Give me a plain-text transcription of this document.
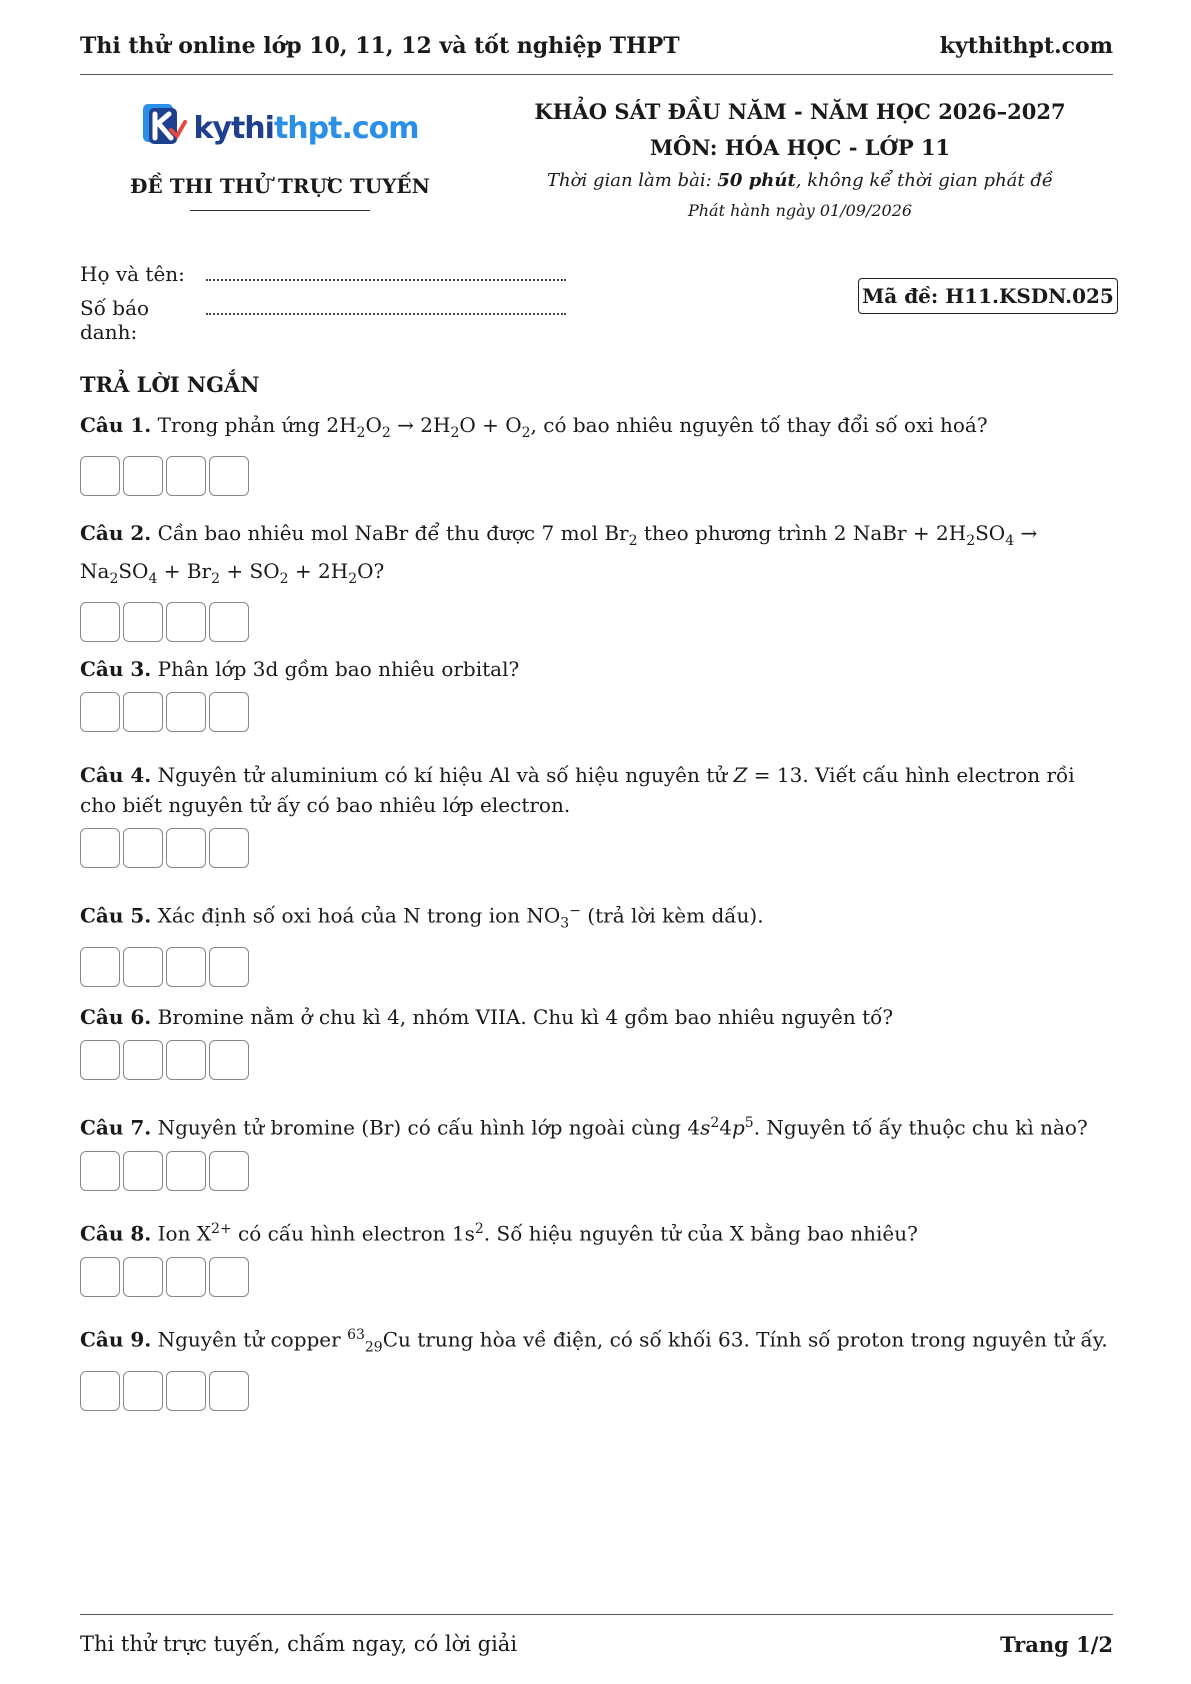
Thi thử online lớp 10, 11, 12 và tốt nghiệp THPT	kythithpt.com
kythi thpt.com
ĐỀ THI THỬ TRỰC TUYẾN
KHẢO SÁT ĐẦU NĂM - NĂM HỌC 2026–2027
MÔN: HÓA HỌC - LỚP 11
Thời gian làm bài: 50 phút, không kể thời gian phát đề
Phát hành ngày 01/09/2026
Họ và tên:
Số báo danh:
Mã đề: H11.KSDN.025
TRẢ LỜI NGẮN
Câu 1. Trong phản ứng $2H_2O_2 \to 2H_2O + O_2$, có bao nhiêu nguyên tố thay đổi số oxi hoá?
Câu 2. Cần bao nhiêu mol NaBr để thu được 7 mol $Br_2$ theo phương trình 2 NaBr + $2H_2SO_4 \to Na_2SO_4 + Br_2 + SO_2 + 2H_2O$?
Câu 3. Phân lớp 3d gồm bao nhiêu orbital?
Câu 4. Nguyên tử aluminium có kí hiệu Al và số hiệu nguyên tử Z = 13. Viết cấu hình electron rồi cho biết nguyên tử ấy có bao nhiêu lớp electron.
Câu 5. Xác định số oxi hoá của N trong ion $NO_3^-$ (trả lời kèm dấu).
Câu 6. Bromine nằm ở chu kì 4, nhóm VIIA. Chu kì 4 gồm bao nhiêu nguyên tố?
Câu 7. Nguyên tử bromine (Br) có cấu hình lớp ngoài cùng $4s^24p^5$. Nguyên tố ấy thuộc chu kì nào?
Câu 8. Ion $X^{2+}$ có cấu hình electron $1s^2$. Số hiệu nguyên tử của X bằng bao nhiêu?
Câu 9. Nguyên tử copper $^{63}_{29}$Cu trung hòa về điện, có số khối 63. Tính số proton trong nguyên tử ấy.
Thi thử trực tuyến, chấm ngay, có lời giải	Trang 1/2
